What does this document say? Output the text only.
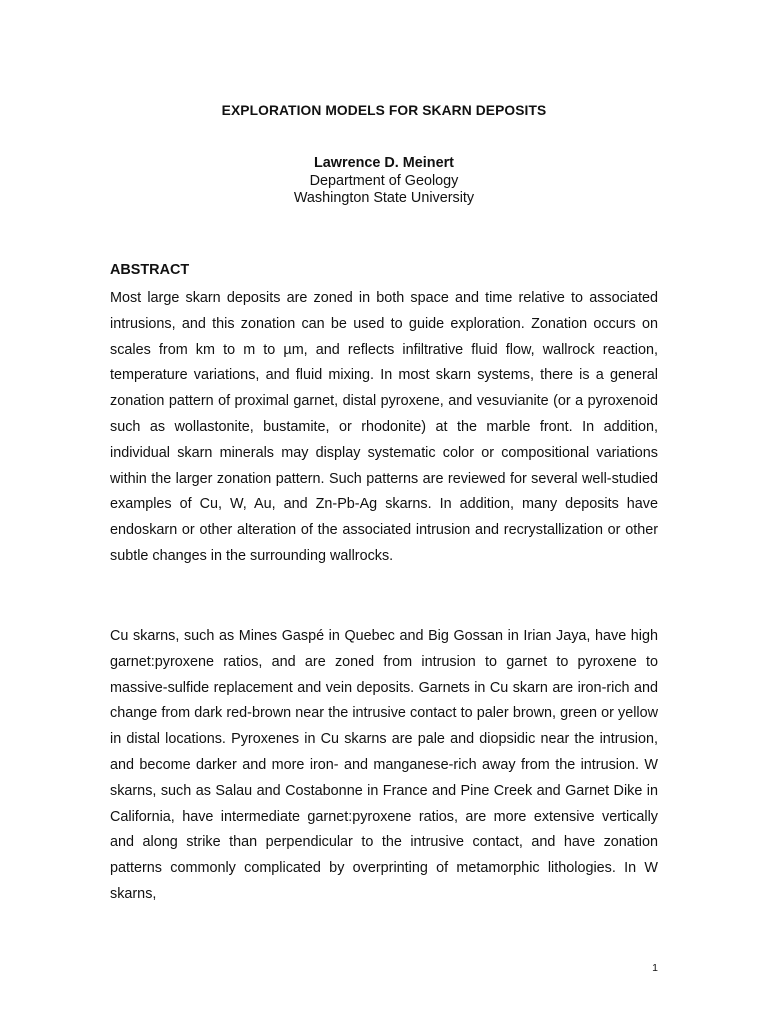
EXPLORATION MODELS FOR SKARN DEPOSITS
Lawrence D. Meinert
Department of Geology
Washington State University
ABSTRACT

Most large skarn deposits are zoned in both space and time relative to associated intrusions, and this zonation can be used to guide exploration. Zonation occurs on scales from km to m to µm, and reflects infiltrative fluid flow, wallrock reaction, temperature variations, and fluid mixing. In most skarn systems, there is a general zonation pattern of proximal garnet, distal pyroxene, and vesuvianite (or a pyroxenoid such as wollastonite, bustamite, or rhodonite) at the marble front. In addition, individual skarn minerals may display systematic color or compositional variations within the larger zonation pattern. Such patterns are reviewed for several well-studied examples of Cu, W, Au, and Zn-Pb-Ag skarns. In addition, many deposits have endoskarn or other alteration of the associated intrusion and recrystallization or other subtle changes in the surrounding wallrocks.

Cu skarns, such as Mines Gaspé in Quebec and Big Gossan in Irian Jaya, have high garnet:pyroxene ratios, and are zoned from intrusion to garnet to pyroxene to massive-sulfide replacement and vein deposits. Garnets in Cu skarn are iron-rich and change from dark red-brown near the intrusive contact to paler brown, green or yellow in distal locations. Pyroxenes in Cu skarns are pale and diopsidic near the intrusion, and become darker and more iron- and manganese-rich away from the intrusion. W skarns, such as Salau and Costabonne in France and Pine Creek and Garnet Dike in California, have intermediate garnet:pyroxene ratios, are more extensive vertically and along strike than perpendicular to the intrusive contact, and have zonation patterns commonly complicated by overprinting of metamorphic lithologies. In W skarns,

1
